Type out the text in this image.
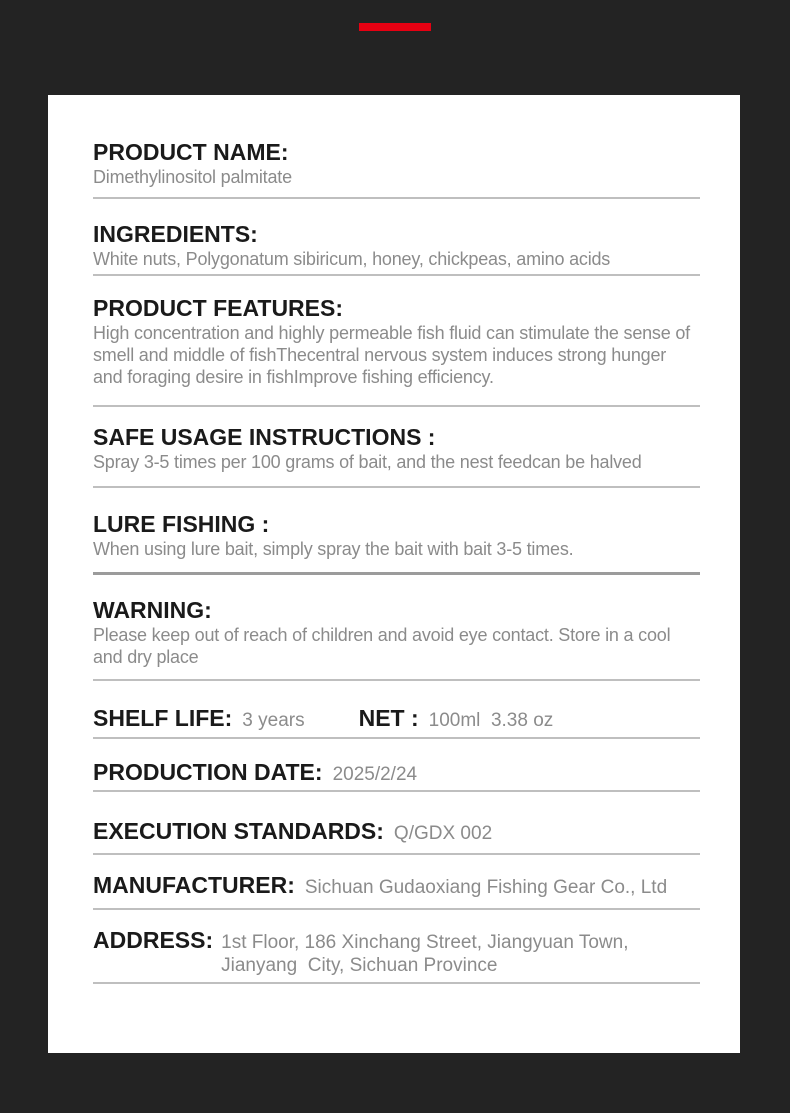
PRODUCT NAME:

Dimethylinositol palmitate

INGREDIENTS:

White nuts, Polygonatum sibiricum, honey, chickpeas, amino acids

PRODUCT FEATURES:

High concentration and highly permeable fish fluid can stimulate the sense of smell and middle of fishThecentral nervous system induces strong hunger and foraging desire in fishImprove fishing efficiency.

SAFE USAGE INSTRUCTIONS :

Spray 3-5 times per 100 grams of bait, and the nest feedcan be halved

LURE FISHING :

When using lure bait, simply spray the bait with bait 3-5 times.

WARNING:

Please keep out of reach of children and avoid eye contact. Store in a cool and dry place

SHELF LIFE: 3 years NET : 100ml  3.38 oz
PRODUCTION DATE: 2025/2/24
EXECUTION STANDARDS: Q/GDX 002
MANUFACTURER: Sichuan Gudaoxiang Fishing Gear Co., Ltd
ADDRESS: 1st Floor, 186 Xinchang Street, Jiangyuan Town,
Jianyang  City, Sichuan Province
